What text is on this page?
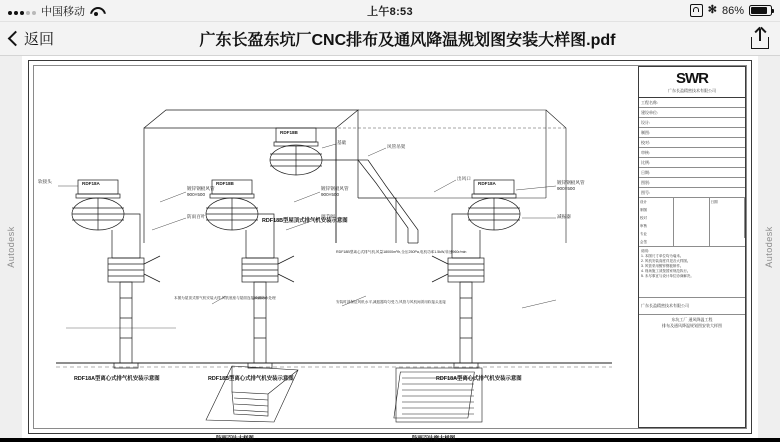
中国移动	上午8:53	✻ 86%
返回	广东长盈东坑厂CNC排布及通风降温规划图安装大样图.pdf
Autodesk	Autodesk
RDF18A	RDF18B	RDF18A
RDF18B
软接头
镀锌钢板风管
900×500
镀锌钢板风管
900×500
镀锌钢板风管
900×500
防雨百叶	调节阀	减振器
基础
风管吊架
出风口
RDF18B型屋顶式排气机安装示意图
RDF18B型离心式排气机,风量18000m³/h,全压250Pa,电机功率1.5kW,转速960r/min
本图为屋顶式排气机安装大样,风机底座与屋面连接须做防水处理
安装时须保证风机水平,减振器均匀受力,风管与风机间须用软接头连接
RDF18A型离心式排气机安装示意图	RDF18B型离心式排气机安装示意图	RDF18A型离心式排气机安装示意图
防雨百叶大样图	防雨百叶窗大样图
SWR
广东长盈精密技术有限公司
工程名称:
建设单位:
设计:
制图:
校对:
审核:
比例:
日期:
图别:
图号:
设计	日期
制图
校对
审核
专业
会签
说明:
1. 本图尺寸单位均为毫米。
2. 风机安装高度详见各大样图。
3. 风管采用镀锌钢板制作。
4. 现场施工须按国家规范执行。
5. 未尽事宜与设计单位协商解决。
广东长盈精密技术有限公司
东坑工厂 通风降温工程
排布及通风降温规划图安装大样图
